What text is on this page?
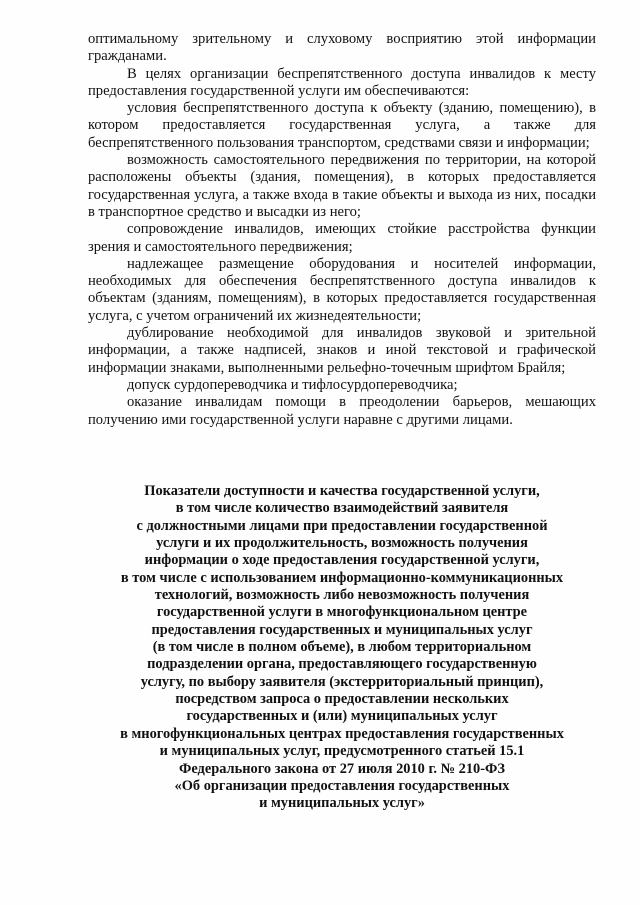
оптимальному зрительному и слуховому восприятию этой информации гражданами.

В целях организации беспрепятственного доступа инвалидов к месту предоставления государственной услуги им обеспечиваются:

условия беспрепятственного доступа к объекту (зданию, помещению), в котором предоставляется государственная услуга, а также для беспрепятственного пользования транспортом, средствами связи и информации;

возможность самостоятельного передвижения по территории, на которой расположены объекты (здания, помещения), в которых предоставляется государственная услуга, а также входа в такие объекты и выхода из них, посадки в транспортное средство и высадки из него;

сопровождение инвалидов, имеющих стойкие расстройства функции зрения и самостоятельного передвижения;

надлежащее размещение оборудования и носителей информации, необходимых для обеспечения беспрепятственного доступа инвалидов к объектам (зданиям, помещениям), в которых предоставляется государственная услуга, с учетом ограничений их жизнедеятельности;

дублирование необходимой для инвалидов звуковой и зрительной информации, а также надписей, знаков и иной текстовой и графической информации знаками, выполненными рельефно-точечным шрифтом Брайля;

допуск сурдопереводчика и тифлосурдопереводчика;

оказание инвалидам помощи в преодолении барьеров, мешающих получению ими государственной услуги наравне с другими лицами.

Показатели доступности и качества государственной услуги,
в том числе количество взаимодействий заявителя
с должностными лицами при предоставлении государственной
услуги и их продолжительность, возможность получения
информации о ходе предоставления государственной услуги,
в том числе с использованием информационно-коммуникационных
технологий, возможность либо невозможность получения
государственной услуги в многофункциональном центре
предоставления государственных и муниципальных услуг
(в том числе в полном объеме), в любом территориальном
подразделении органа, предоставляющего государственную
услугу, по выбору заявителя (экстерриториальный принцип),
посредством запроса о предоставлении нескольких
государственных и (или) муниципальных услуг
в многофункциональных центрах предоставления государственных
и муниципальных услуг, предусмотренного статьей 15.1
Федерального закона от 27 июля 2010 г. № 210-ФЗ
«Об организации предоставления государственных
и муниципальных услуг»
